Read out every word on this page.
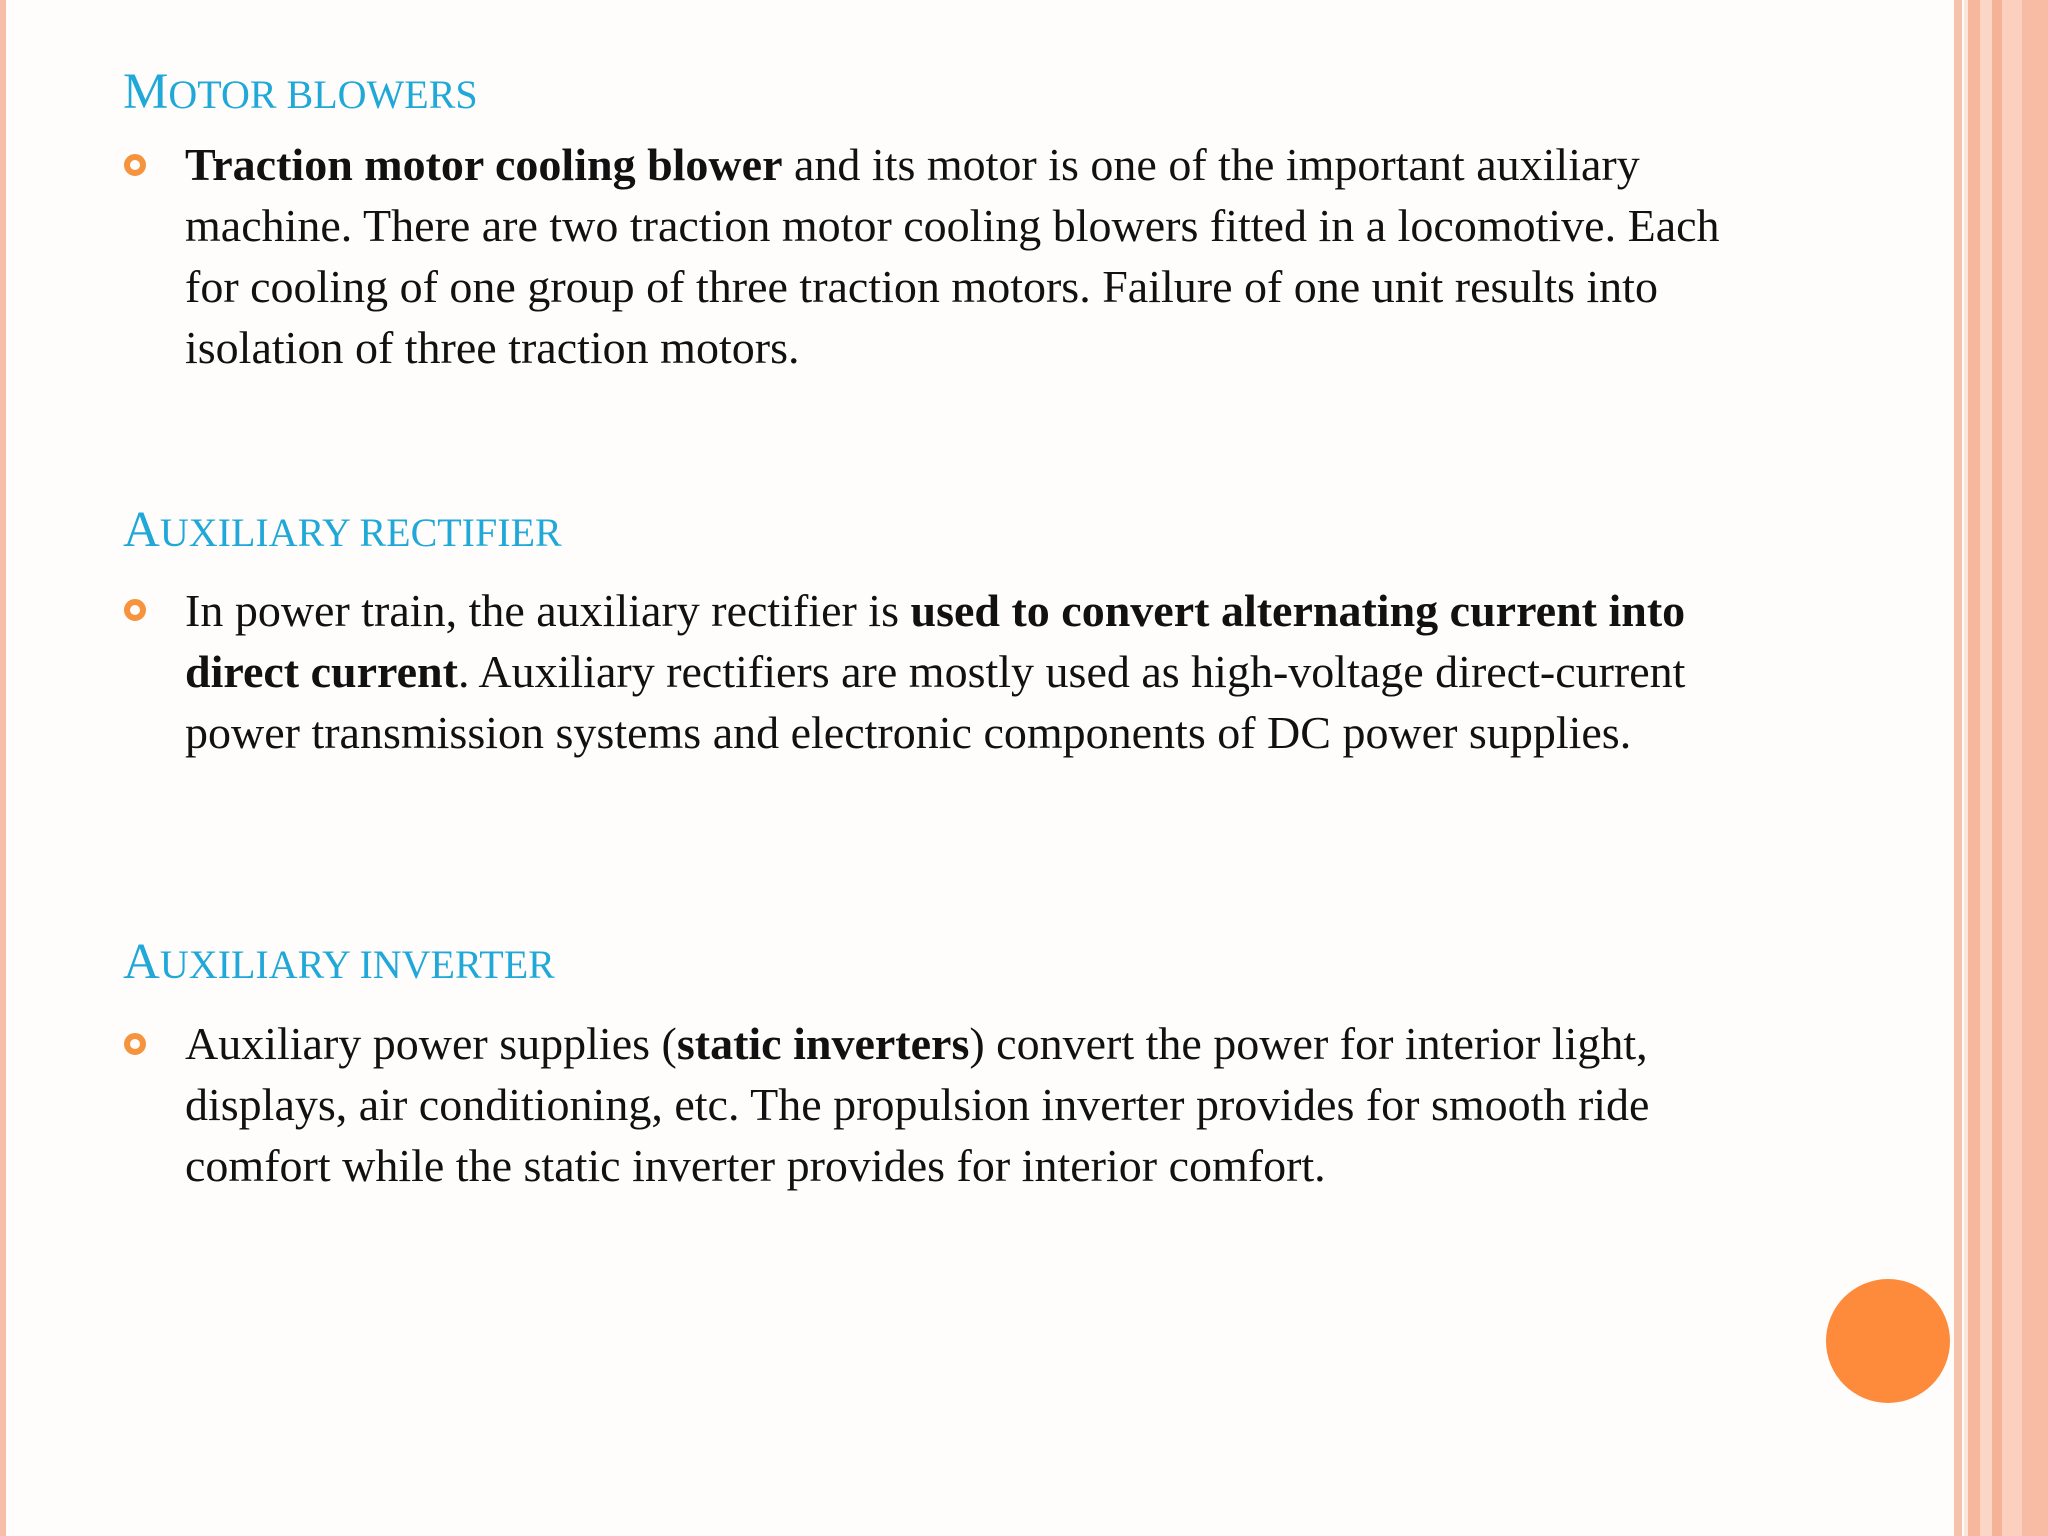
MOTOR BLOWERS

Traction motor cooling blower and its motor is one of the important auxiliary machine. There are two traction motor cooling blowers fitted in a locomotive. Each for cooling of one group of three traction motors. Failure of one unit results into isolation of three traction motors.

AUXILIARY RECTIFIER

In power train, the auxiliary rectifier is used to convert alternating current into direct current. Auxiliary rectifiers are mostly used as high-voltage direct-current power transmission systems and electronic components of DC power supplies.

AUXILIARY INVERTER

Auxiliary power supplies (static inverters) convert the power for interior light, displays, air conditioning, etc. The propulsion inverter provides for smooth ride comfort while the static inverter provides for interior comfort.
